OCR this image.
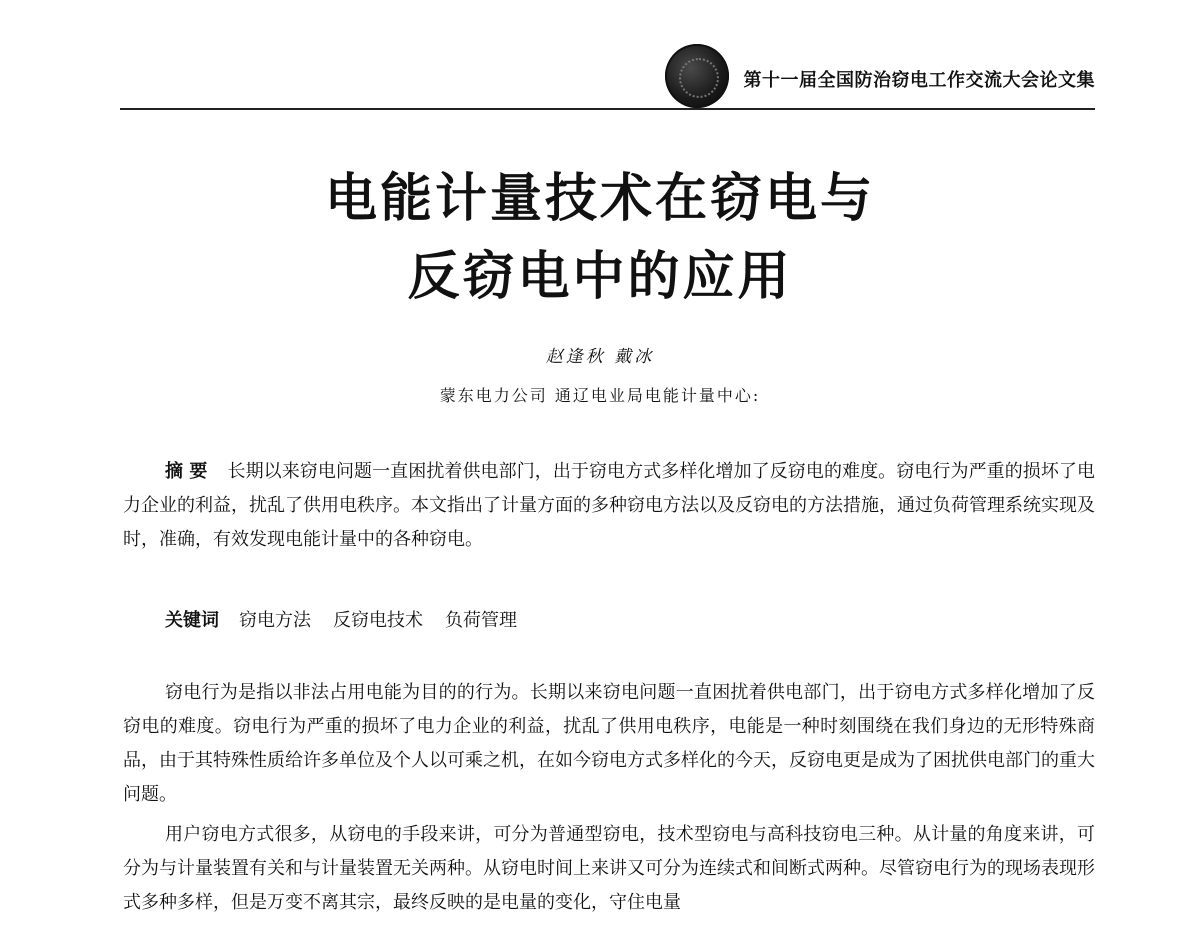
第十一届全国防治窃电工作交流大会论文集
电能计量技术在窃电与
反窃电中的应用
赵逢秋 戴冰
蒙东电力公司 通辽电业局电能计量中心:

摘 要 长期以来窃电问题一直困扰着供电部门，出于窃电方式多样化增加了反窃电的难度。窃电行为严重的损坏了电力企业的利益，扰乱了供用电秩序。本文指出了计量方面的多种窃电方法以及反窃电的方法措施，通过负荷管理系统实现及时，准确，有效发现电能计量中的各种窃电。

关键词 窃电方法 反窃电技术 负荷管理

窃电行为是指以非法占用电能为目的的行为。长期以来窃电问题一直困扰着供电部门，出于窃电方式多样化增加了反窃电的难度。窃电行为严重的损坏了电力企业的利益，扰乱了供用电秩序，电能是一种时刻围绕在我们身边的无形特殊商品，由于其特殊性质给许多单位及个人以可乘之机，在如今窃电方式多样化的今天，反窃电更是成为了困扰供电部门的重大问题。

用户窃电方式很多，从窃电的手段来讲，可分为普通型窃电，技术型窃电与高科技窃电三种。从计量的角度来讲，可分为与计量装置有关和与计量装置无关两种。从窃电时间上来讲又可分为连续式和间断式两种。尽管窃电行为的现场表现形式多种多样，但是万变不离其宗，最终反映的是电量的变化，守住电量
